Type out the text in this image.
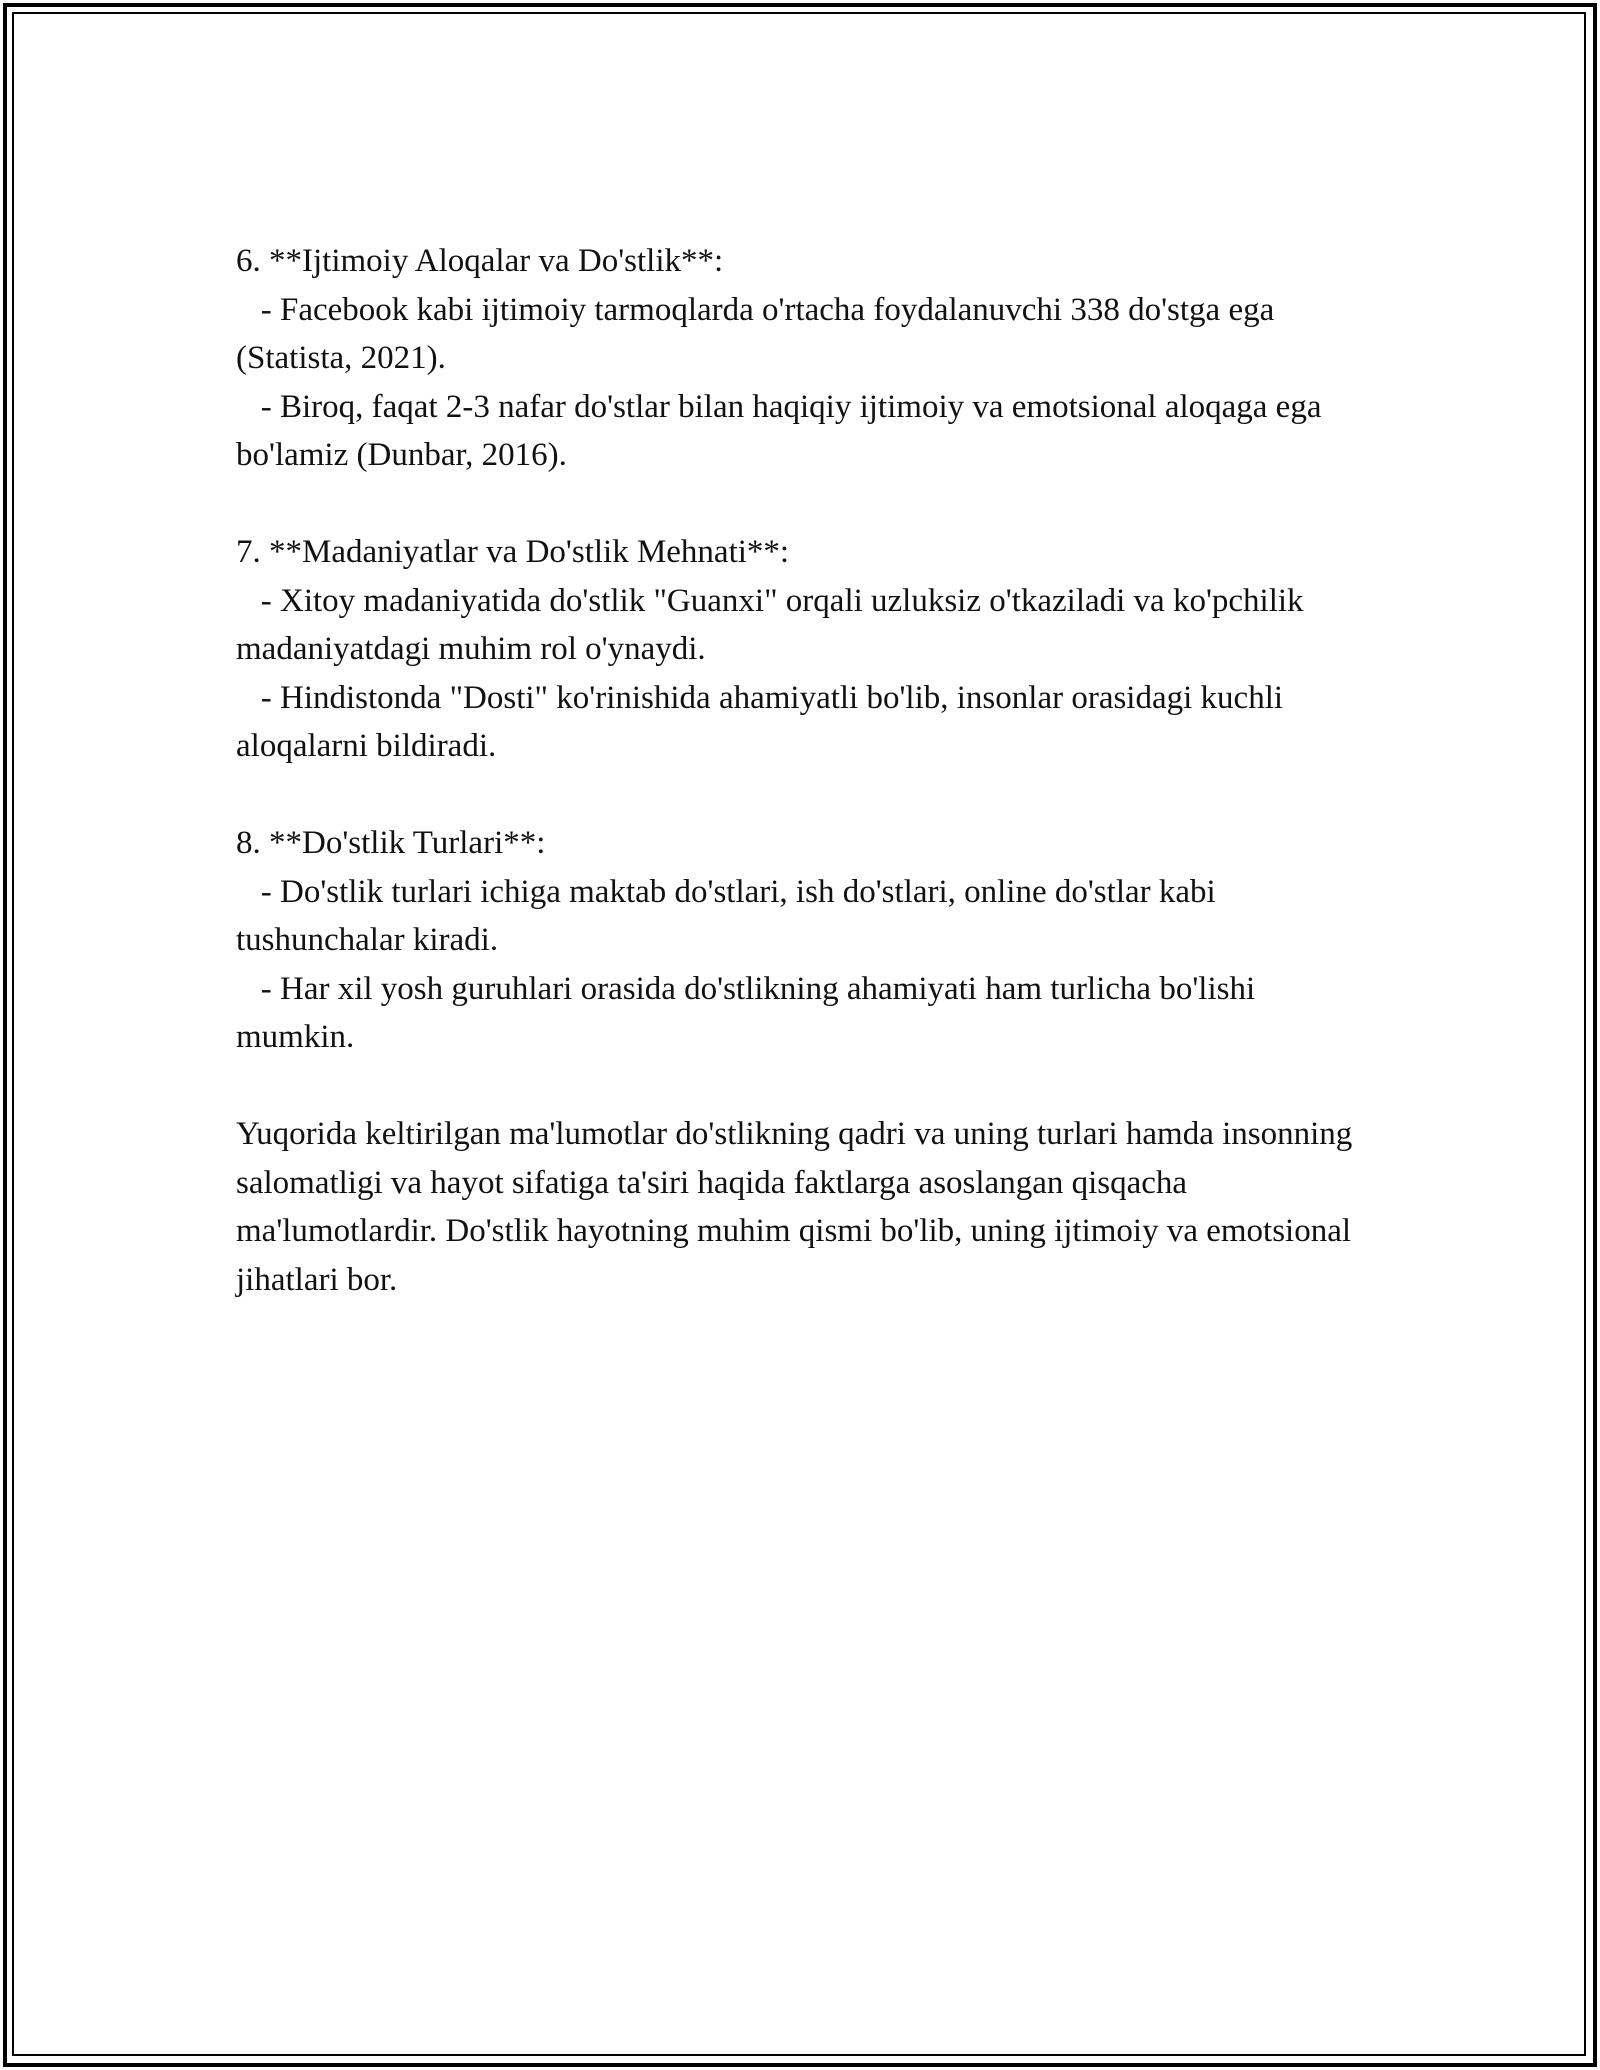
6. **Ijtimoiy Aloqalar va Do'stlik**:

- Facebook kabi ijtimoiy tarmoqlarda o'rtacha foydalanuvchi 338 do'stga ega (Statista, 2021).

- Biroq, faqat 2-3 nafar do'stlar bilan haqiqiy ijtimoiy va emotsional aloqaga ega bo'lamiz (Dunbar, 2016).

7. **Madaniyatlar va Do'stlik Mehnati**:

- Xitoy madaniyatida do'stlik "Guanxi" orqali uzluksiz o'tkaziladi va ko'pchilik madaniyatdagi muhim rol o'ynaydi.

- Hindistonda "Dosti" ko'rinishida ahamiyatli bo'lib, insonlar orasidagi kuchli aloqalarni bildiradi.

8. **Do'stlik Turlari**:

- Do'stlik turlari ichiga maktab do'stlari, ish do'stlari, online do'stlar kabi tushunchalar kiradi.

- Har xil yosh guruhlari orasida do'stlikning ahamiyati ham turlicha bo'lishi mumkin.

Yuqorida keltirilgan ma'lumotlar do'stlikning qadri va uning turlari hamda insonning salomatligi va hayot sifatiga ta'siri haqida faktlarga asoslangan qisqacha ma'lumotlardir. Do'stlik hayotning muhim qismi bo'lib, uning ijtimoiy va emotsional jihatlari bor.
